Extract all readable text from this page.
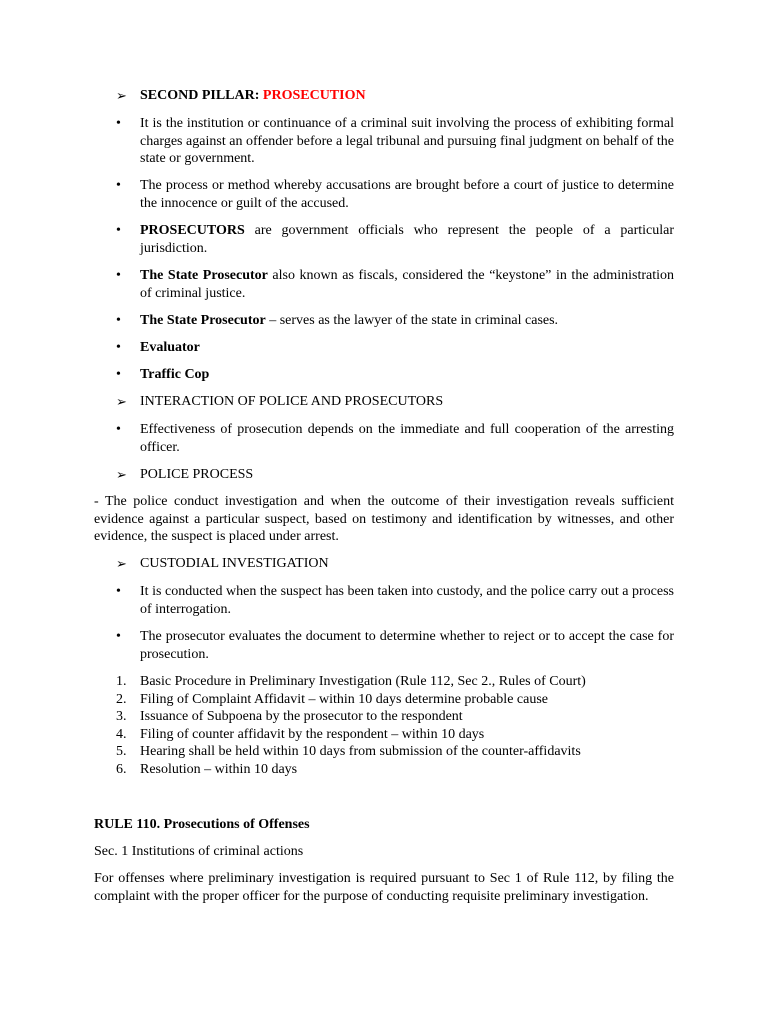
➢ SECOND PILLAR: PROSECUTION
•	It is the institution or continuance of a criminal suit involving the process of exhibiting formal charges against an offender before a legal tribunal and pursuing final judgment on behalf of the state or government.
•	The process or method whereby accusations are brought before a court of justice to determine the innocence or guilt of the accused.
•	PROSECUTORS are government officials who represent the people of a particular jurisdiction.
•	The State Prosecutor also known as fiscals, considered the “keystone” in the administration of criminal justice.
•	The State Prosecutor – serves as the lawyer of the state in criminal cases.
•	Evaluator
•	Traffic Cop
➢ INTERACTION OF POLICE AND PROSECUTORS
•	Effectiveness of prosecution depends on the immediate and full cooperation of the arresting officer.
➢ POLICE PROCESS
- The police conduct investigation and when the outcome of their investigation reveals sufficient evidence against a particular suspect, based on testimony and identification by witnesses, and other evidence, the suspect is placed under arrest.
➢ CUSTODIAL INVESTIGATION
•	It is conducted when the suspect has been taken into custody, and the police carry out a process of interrogation.
•	The prosecutor evaluates the document to determine whether to reject or to accept the case for prosecution.
1. Basic Procedure in Preliminary Investigation (Rule 112, Sec 2., Rules of Court)
2. Filing of Complaint Affidavit – within 10 days determine probable cause
3. Issuance of Subpoena by the prosecutor to the respondent
4. Filing of counter affidavit by the respondent – within 10 days
5. Hearing shall be held within 10 days from submission of the counter-affidavits
6. Resolution – within 10 days
RULE 110. Prosecutions of Offenses
Sec. 1 Institutions of criminal actions
For offenses where preliminary investigation is required pursuant to Sec 1 of Rule 112, by filing the complaint with the proper officer for the purpose of conducting requisite preliminary investigation.
